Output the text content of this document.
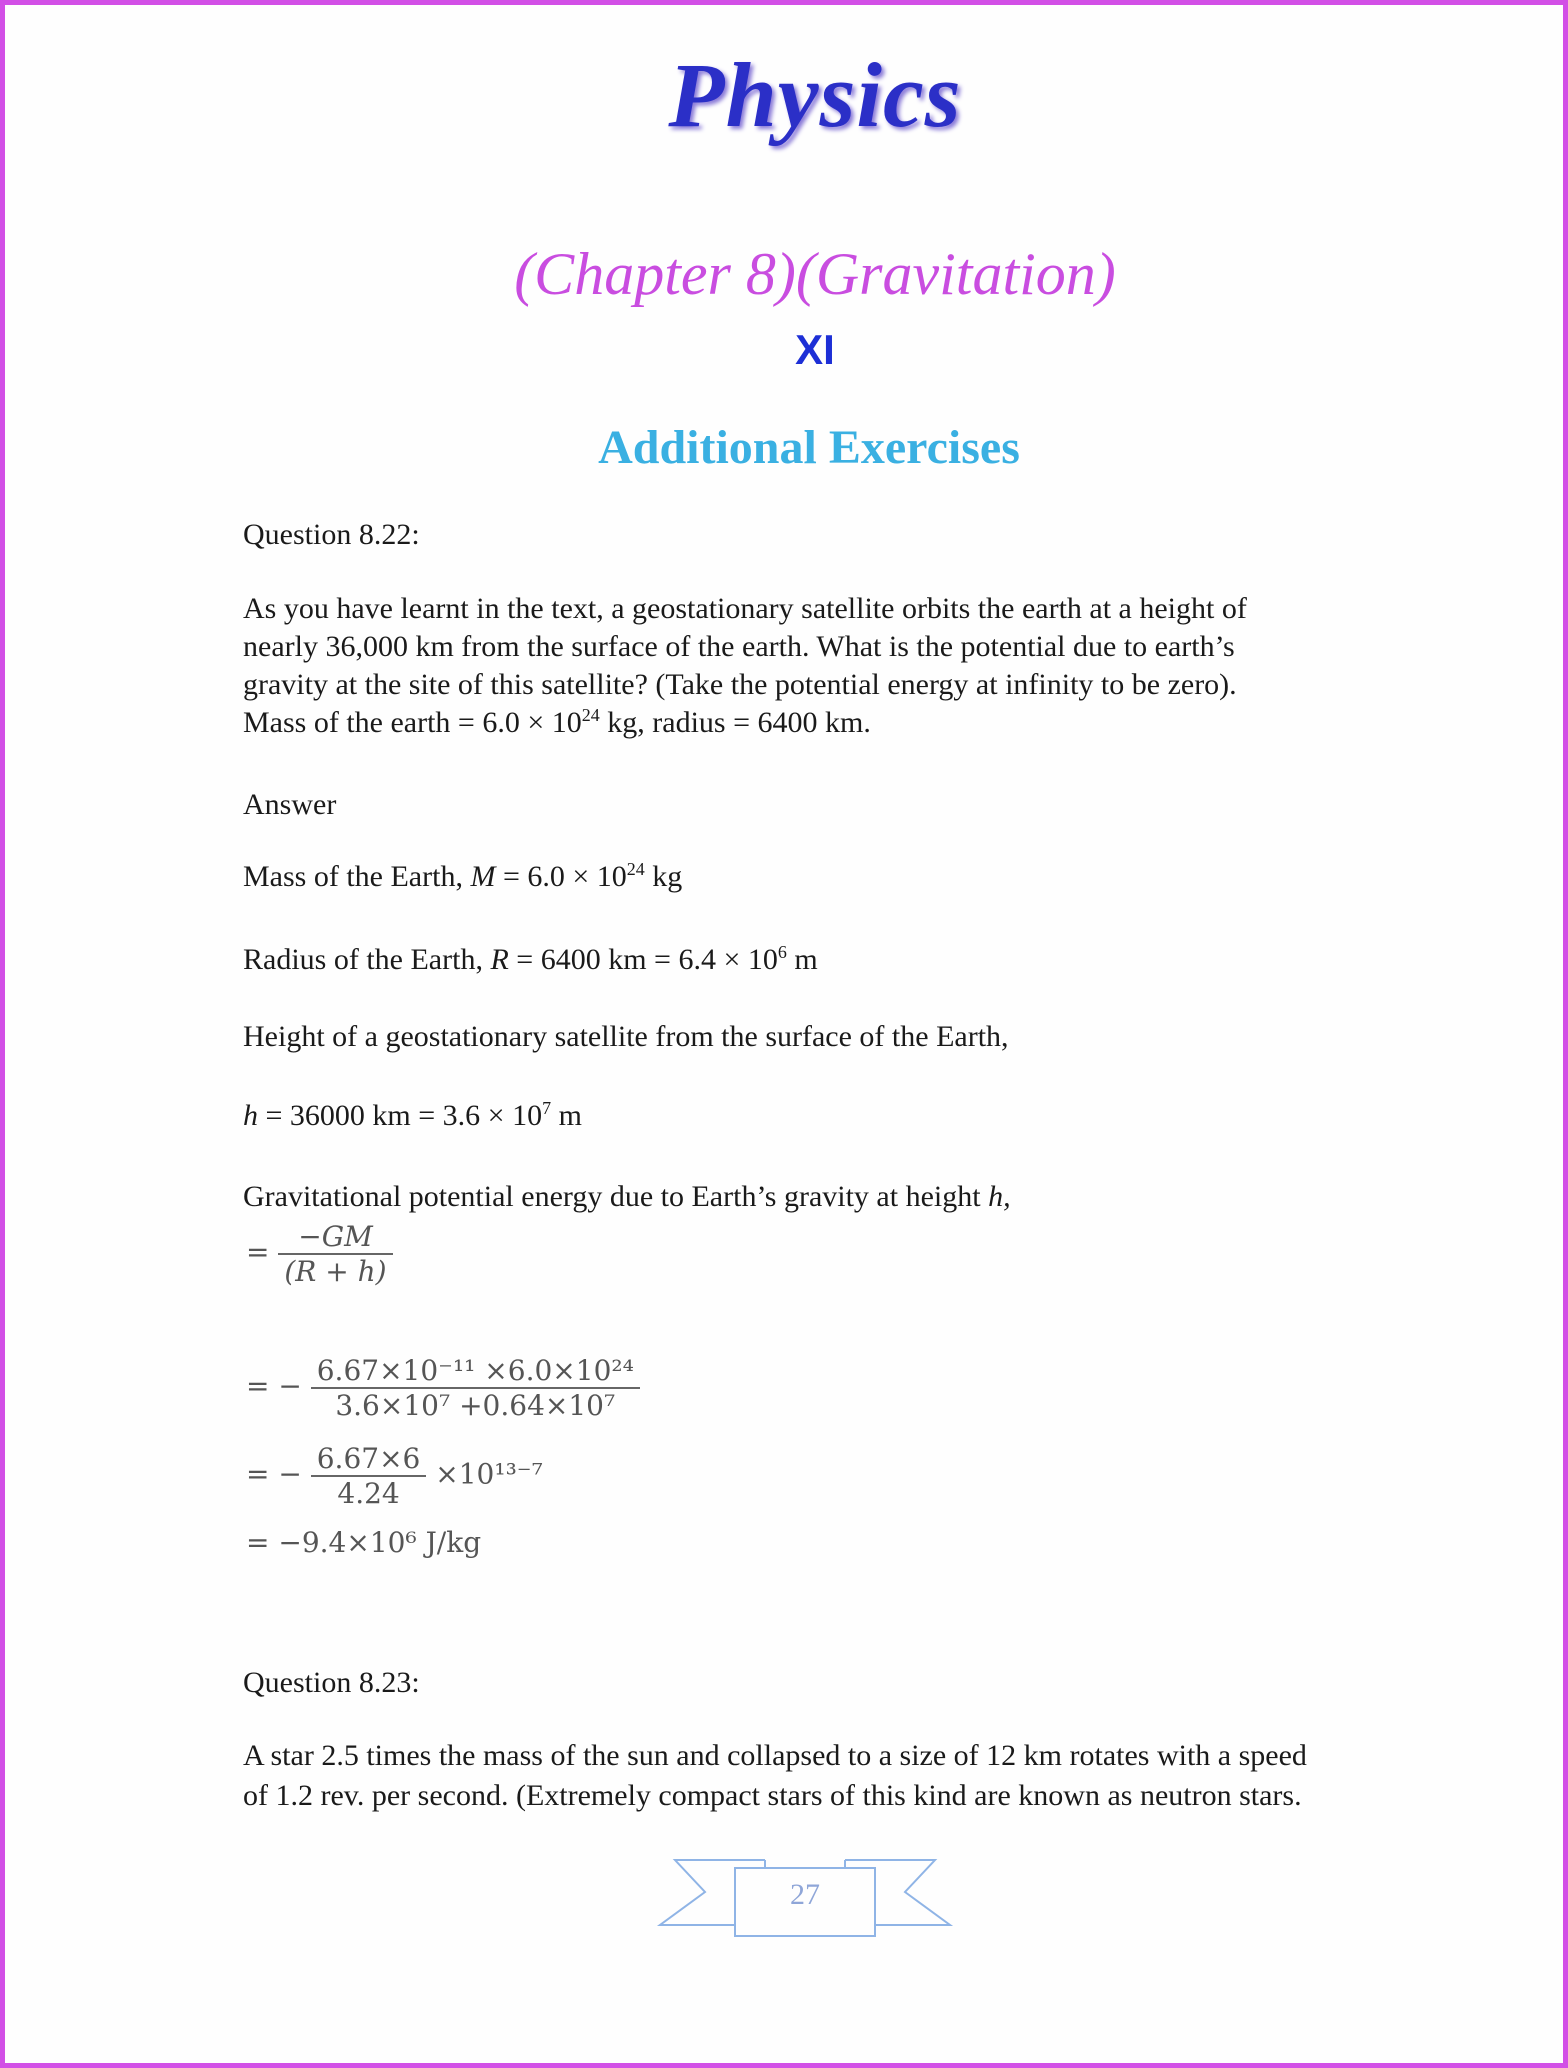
Physics
(Chapter 8)(Gravitation)
XI
Additional Exercises
Question 8.22:
As you have learnt in the text, a geostationary satellite orbits the earth at a height of
nearly 36,000 km from the surface of the earth. What is the potential due to earth’s
gravity at the site of this satellite? (Take the potential energy at infinity to be zero).
Mass of the earth = $6.0 \times 10^{24}$ kg, radius = 6400 km.
Answer
Mass of the Earth, $M = 6.0 \times 10^{24}$ kg
Radius of the Earth, R = 6400 km = $6.4 \times 10^6$ m
Height of a geostationary satellite from the surface of the Earth,
h = 36000 km = $3.6 \times 10^7$ m
Gravitational potential energy due to Earth’s gravity at height h,
= $\frac{-GM}{(R + h)}$
= − $\frac{\text{6.67×10⁻¹¹ ×6.0×10²⁴}}{\text{3.6×10⁷ +0.64×10⁷}}$
= − $\frac{6.67\times 6}{4.24} \times 10^{13-7}$
= −9.4×10⁶ J/kg
Question 8.23:
A star 2.5 times the mass of the sun and collapsed to a size of 12 km rotates with a speed
of 1.2 rev. per second. (Extremely compact stars of this kind are known as neutron stars.
27
